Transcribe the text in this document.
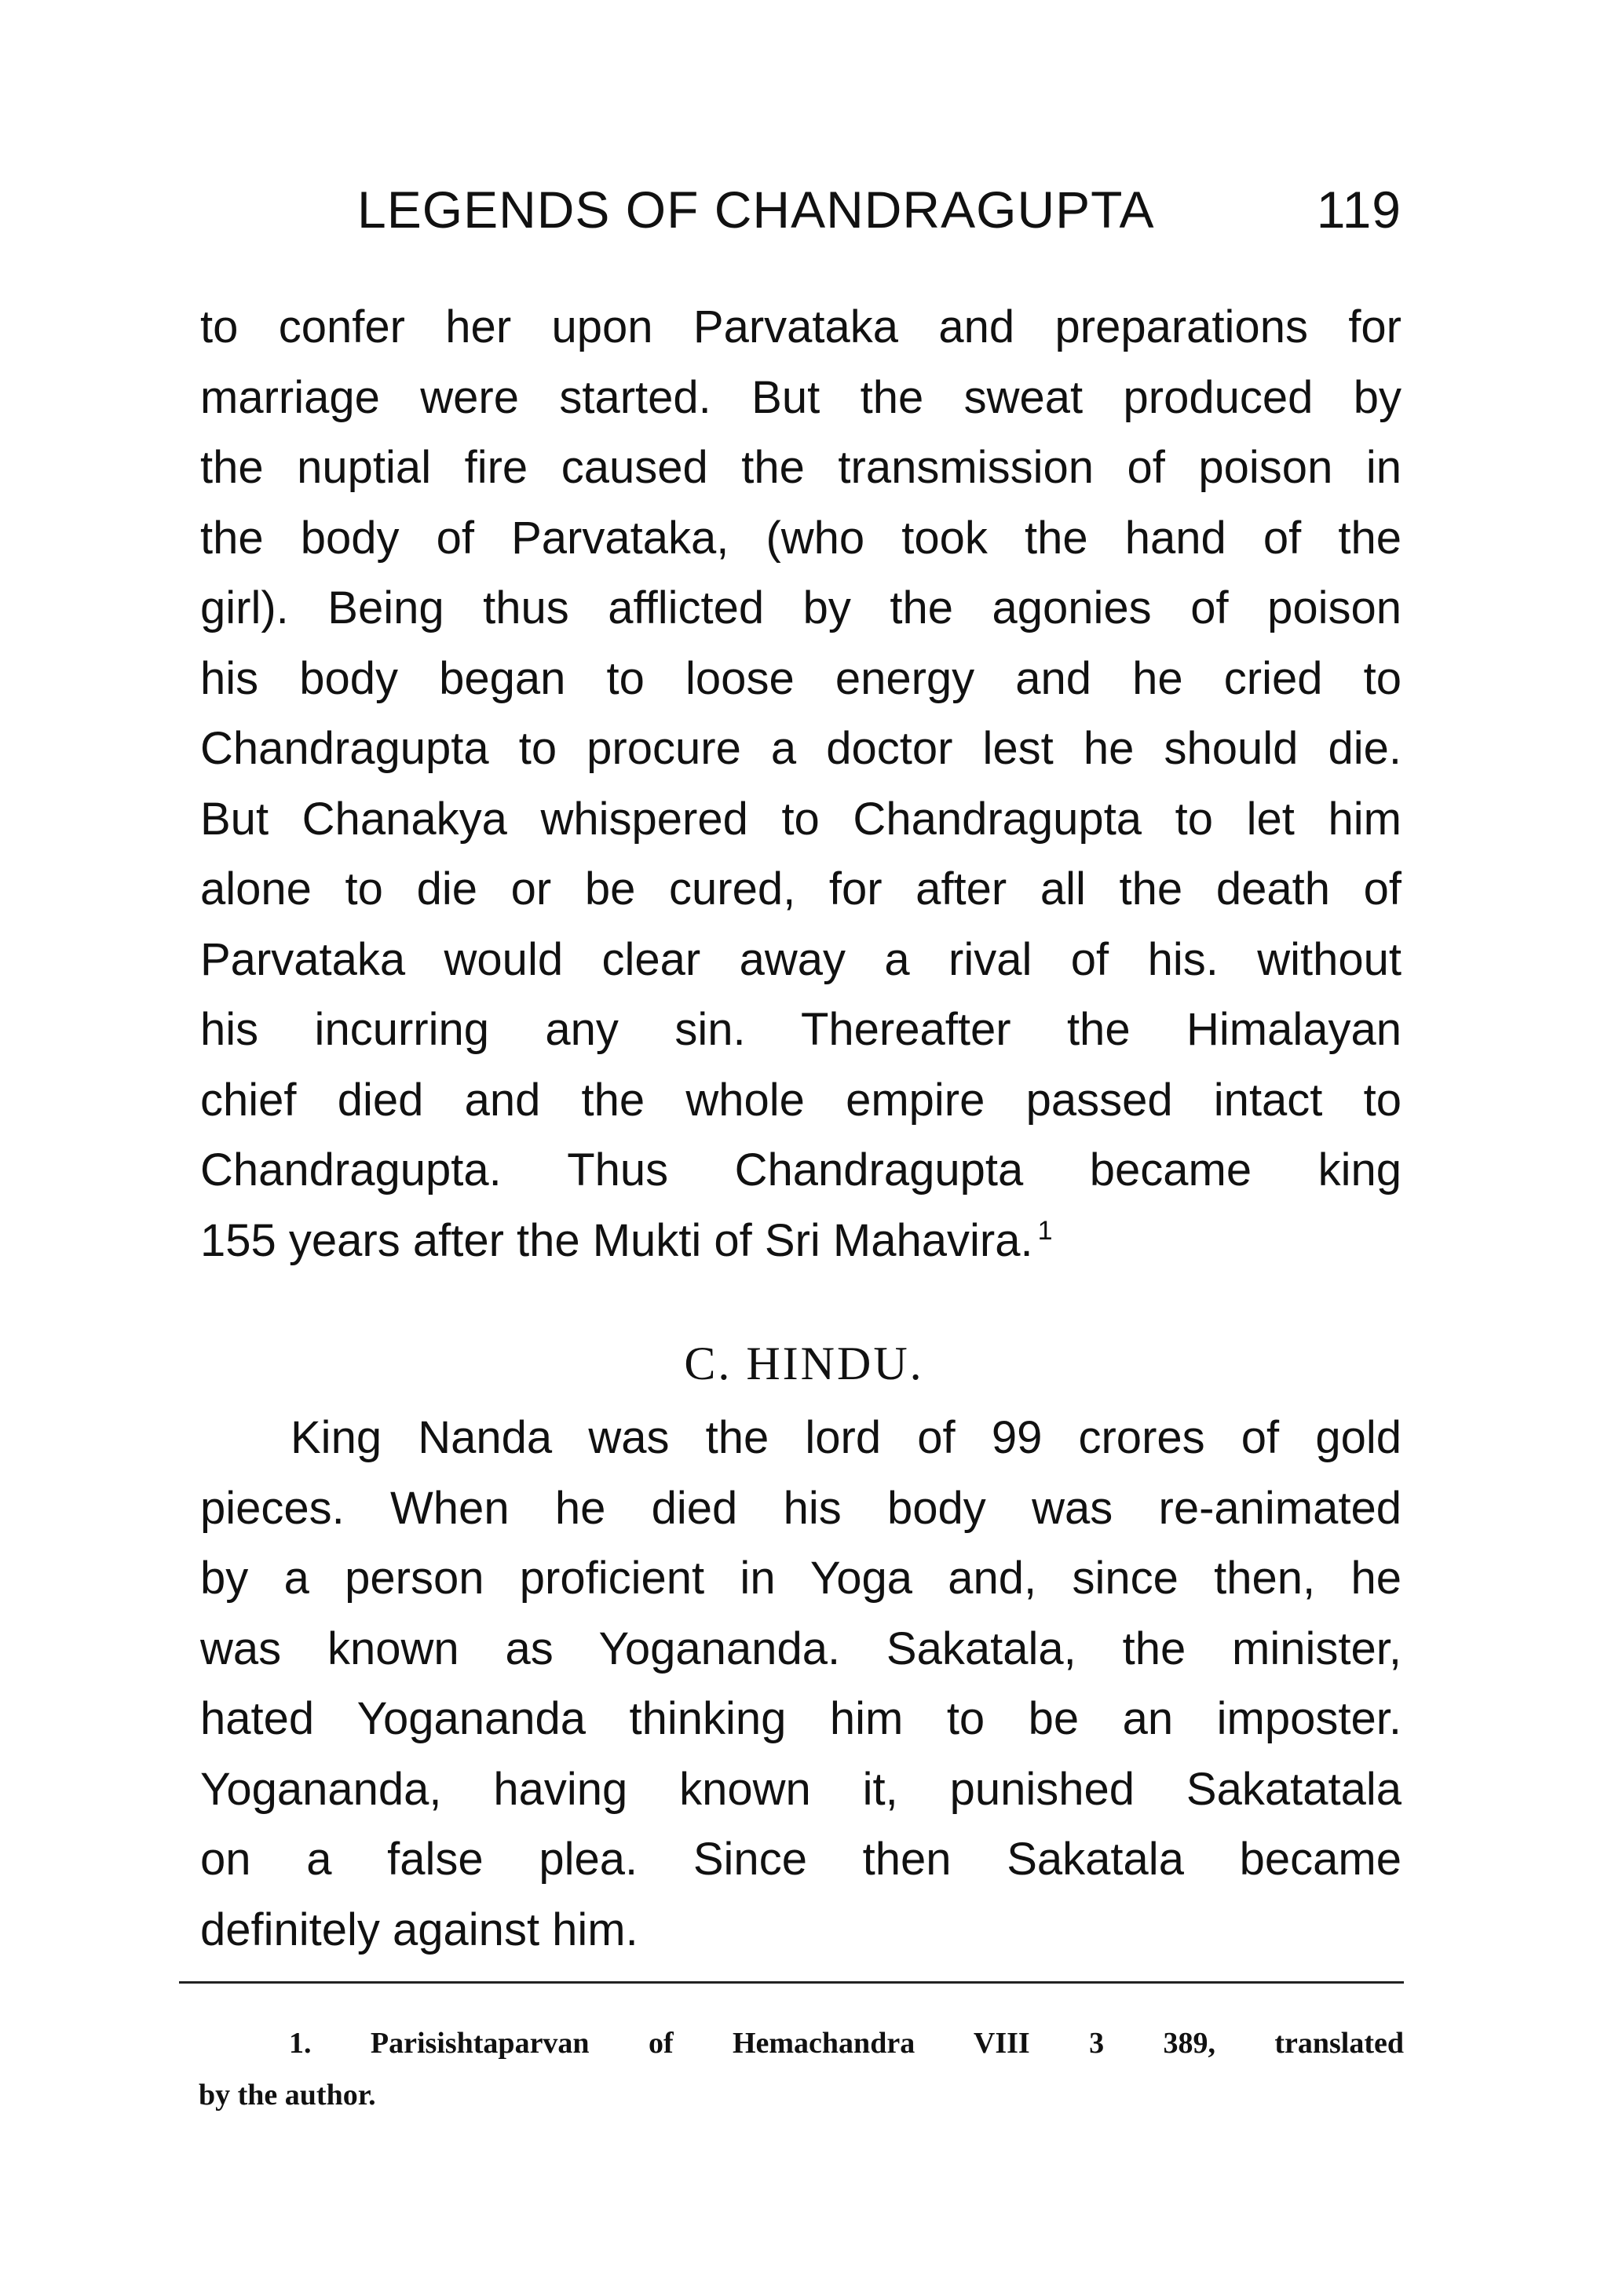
LEGENDS OF CHANDRAGUPTA	119
to confer her upon Parvataka and preparations for
marriage were started. But the sweat produced by
the nuptial fire caused the transmission of poison in
the body of Parvataka, (who took the hand of the
girl). Being thus afflicted by the agonies of poison
his body began to loose energy and he cried to
Chandragupta to procure a doctor lest he should die.
But Chanakya whispered to Chandragupta to let him
alone to die or be cured, for after all the death of
Parvataka would clear away a rival of his. without
his incurring any sin. Thereafter the Himalayan
chief died and the whole empire passed intact to
Chandragupta. Thus Chandragupta became king
155 years after the Mukti of Sri Mahavira. $^1$
C. HINDU.
King Nanda was the lord of 99 crores of gold
pieces. When he died his body was re-animated
by a person proficient in Yoga and, since then, he
was known as Yogananda. Sakatala, the minister,
hated Yogananda thinking him to be an imposter.
Yogananda, having known it, punished Sakatatala
on a false plea. Since then Sakatala became
definitely against him.
1. Parisishtaparvan of Hemachandra VIII 3 389, translated
by the author.
